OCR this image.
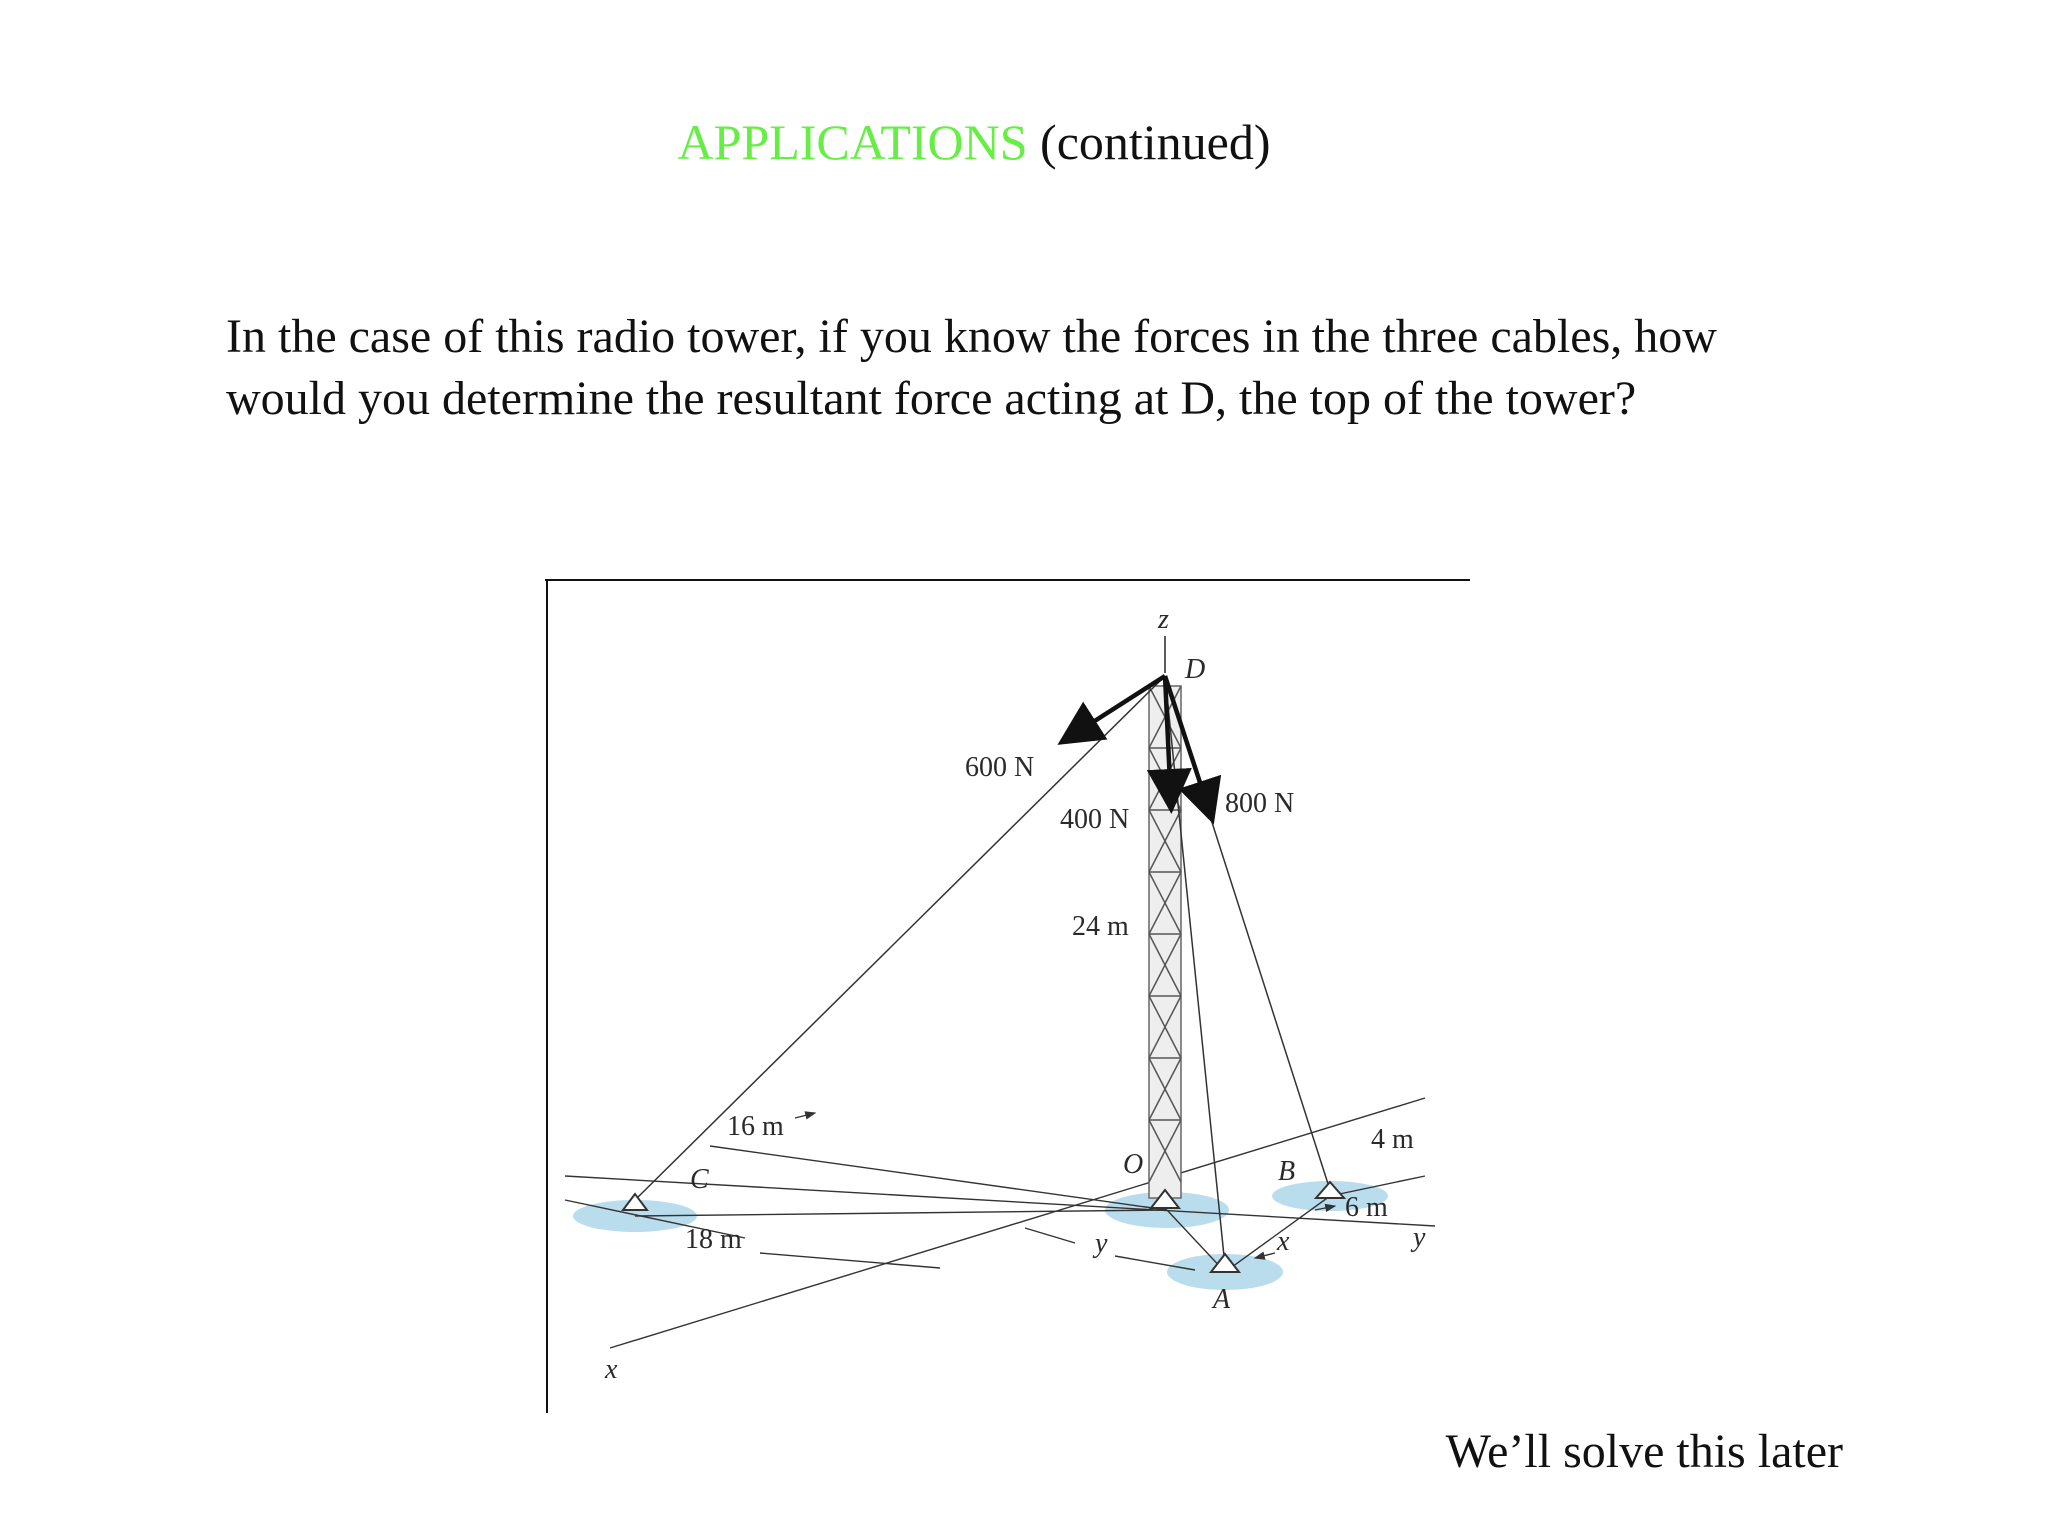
APPLICATIONS (continued)
In the case of this radio tower, if you know the forces in the three cables, how would you determine the resultant force acting at D, the top of the tower?
z
D
600 N
400 N
800 N
24 m
16 m
C
18 m
O	B
4 m
6 m
y	x	y
A
x
We’ll solve this later
